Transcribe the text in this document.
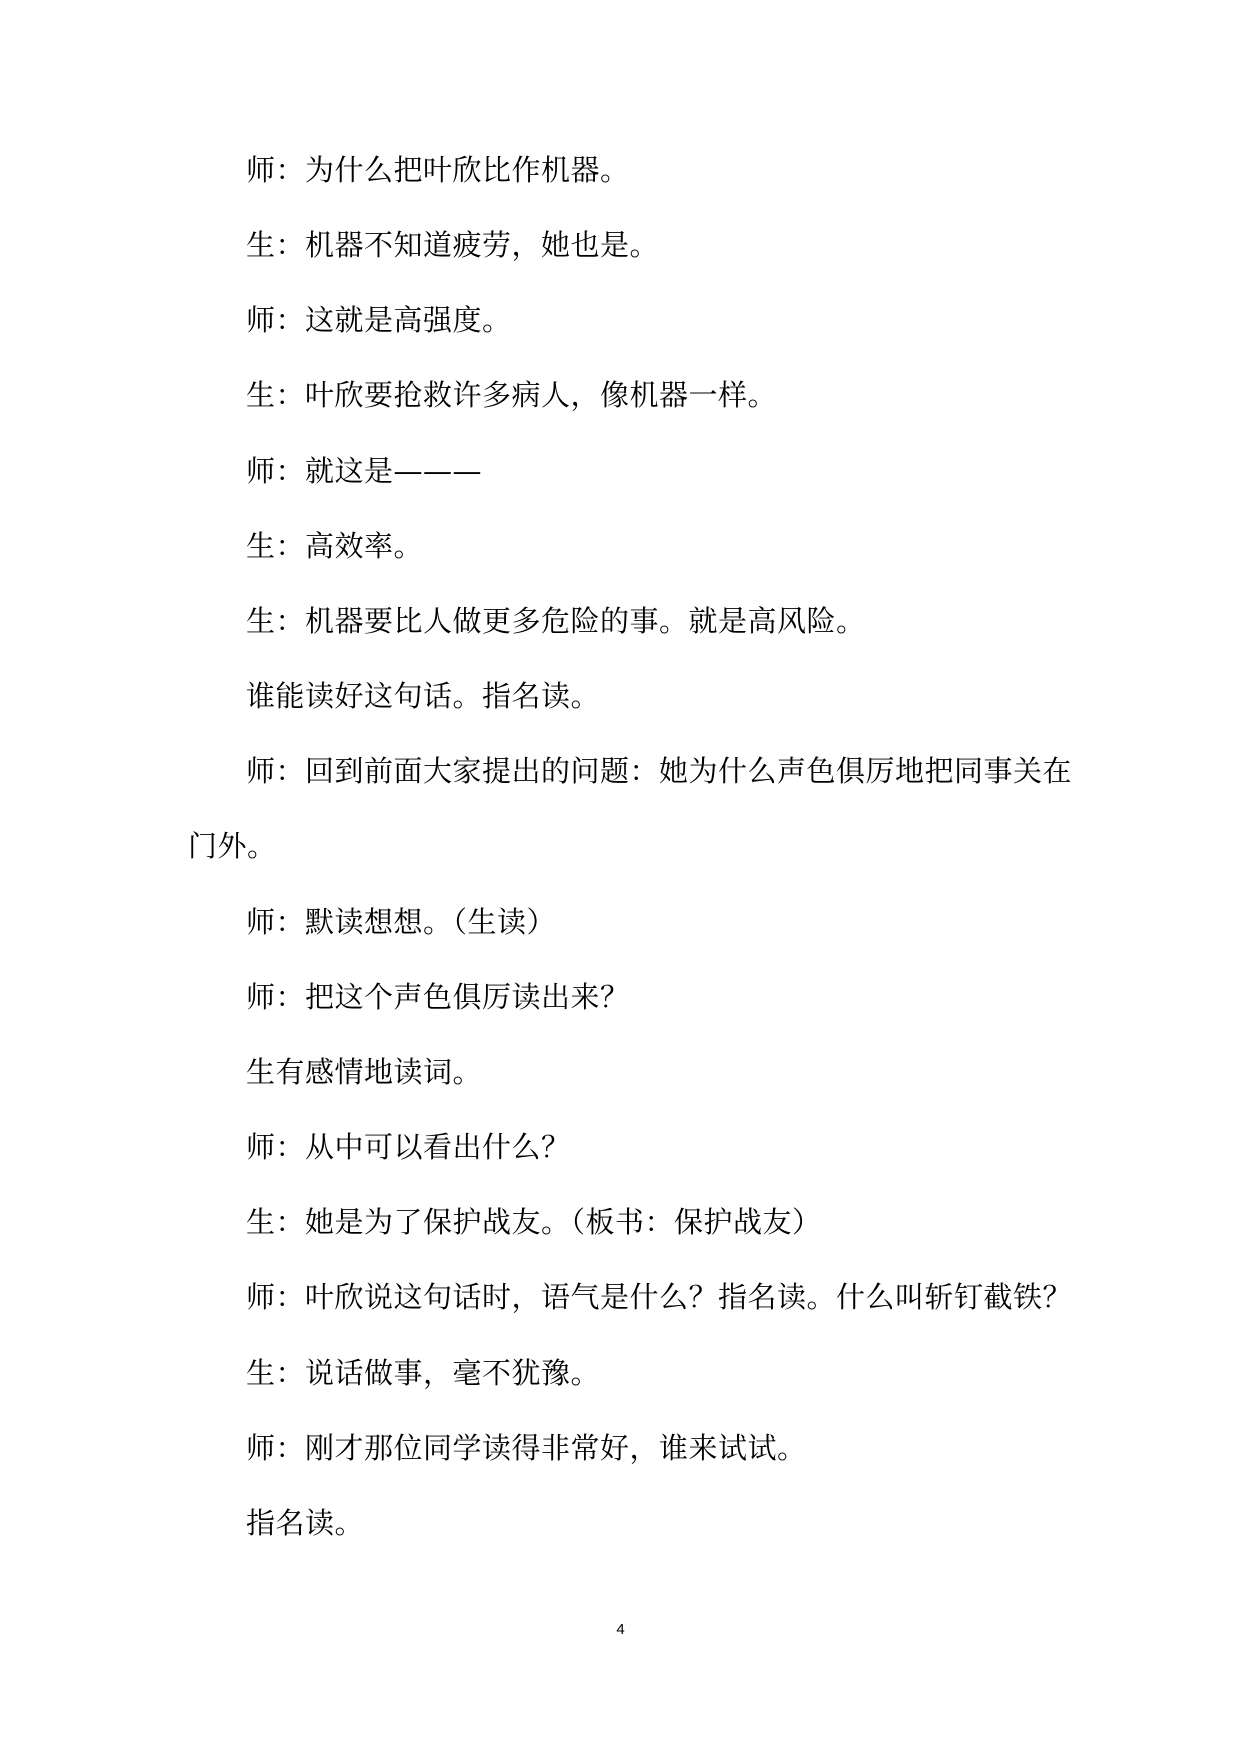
师：为什么把叶欣比作机器。
生：机器不知道疲劳，她也是。
师：这就是高强度。
生：叶欣要抢救许多病人，像机器一样。
师：就这是———
生：高效率。
生：机器要比人做更多危险的事。就是高风险。
谁能读好这句话。指名读。
师：回到前面大家提出的问题：她为什么声色俱厉地把同事关在
门外。
师：默读想想。（生读）
师：把这个声色俱厉读出来？
生有感情地读词。
师：从中可以看出什么？
生：她是为了保护战友。（板书：保护战友）
师：叶欣说这句话时，语气是什么？指名读。什么叫斩钉截铁？
生：说话做事，毫不犹豫。
师：刚才那位同学读得非常好，谁来试试。
指名读。
4
